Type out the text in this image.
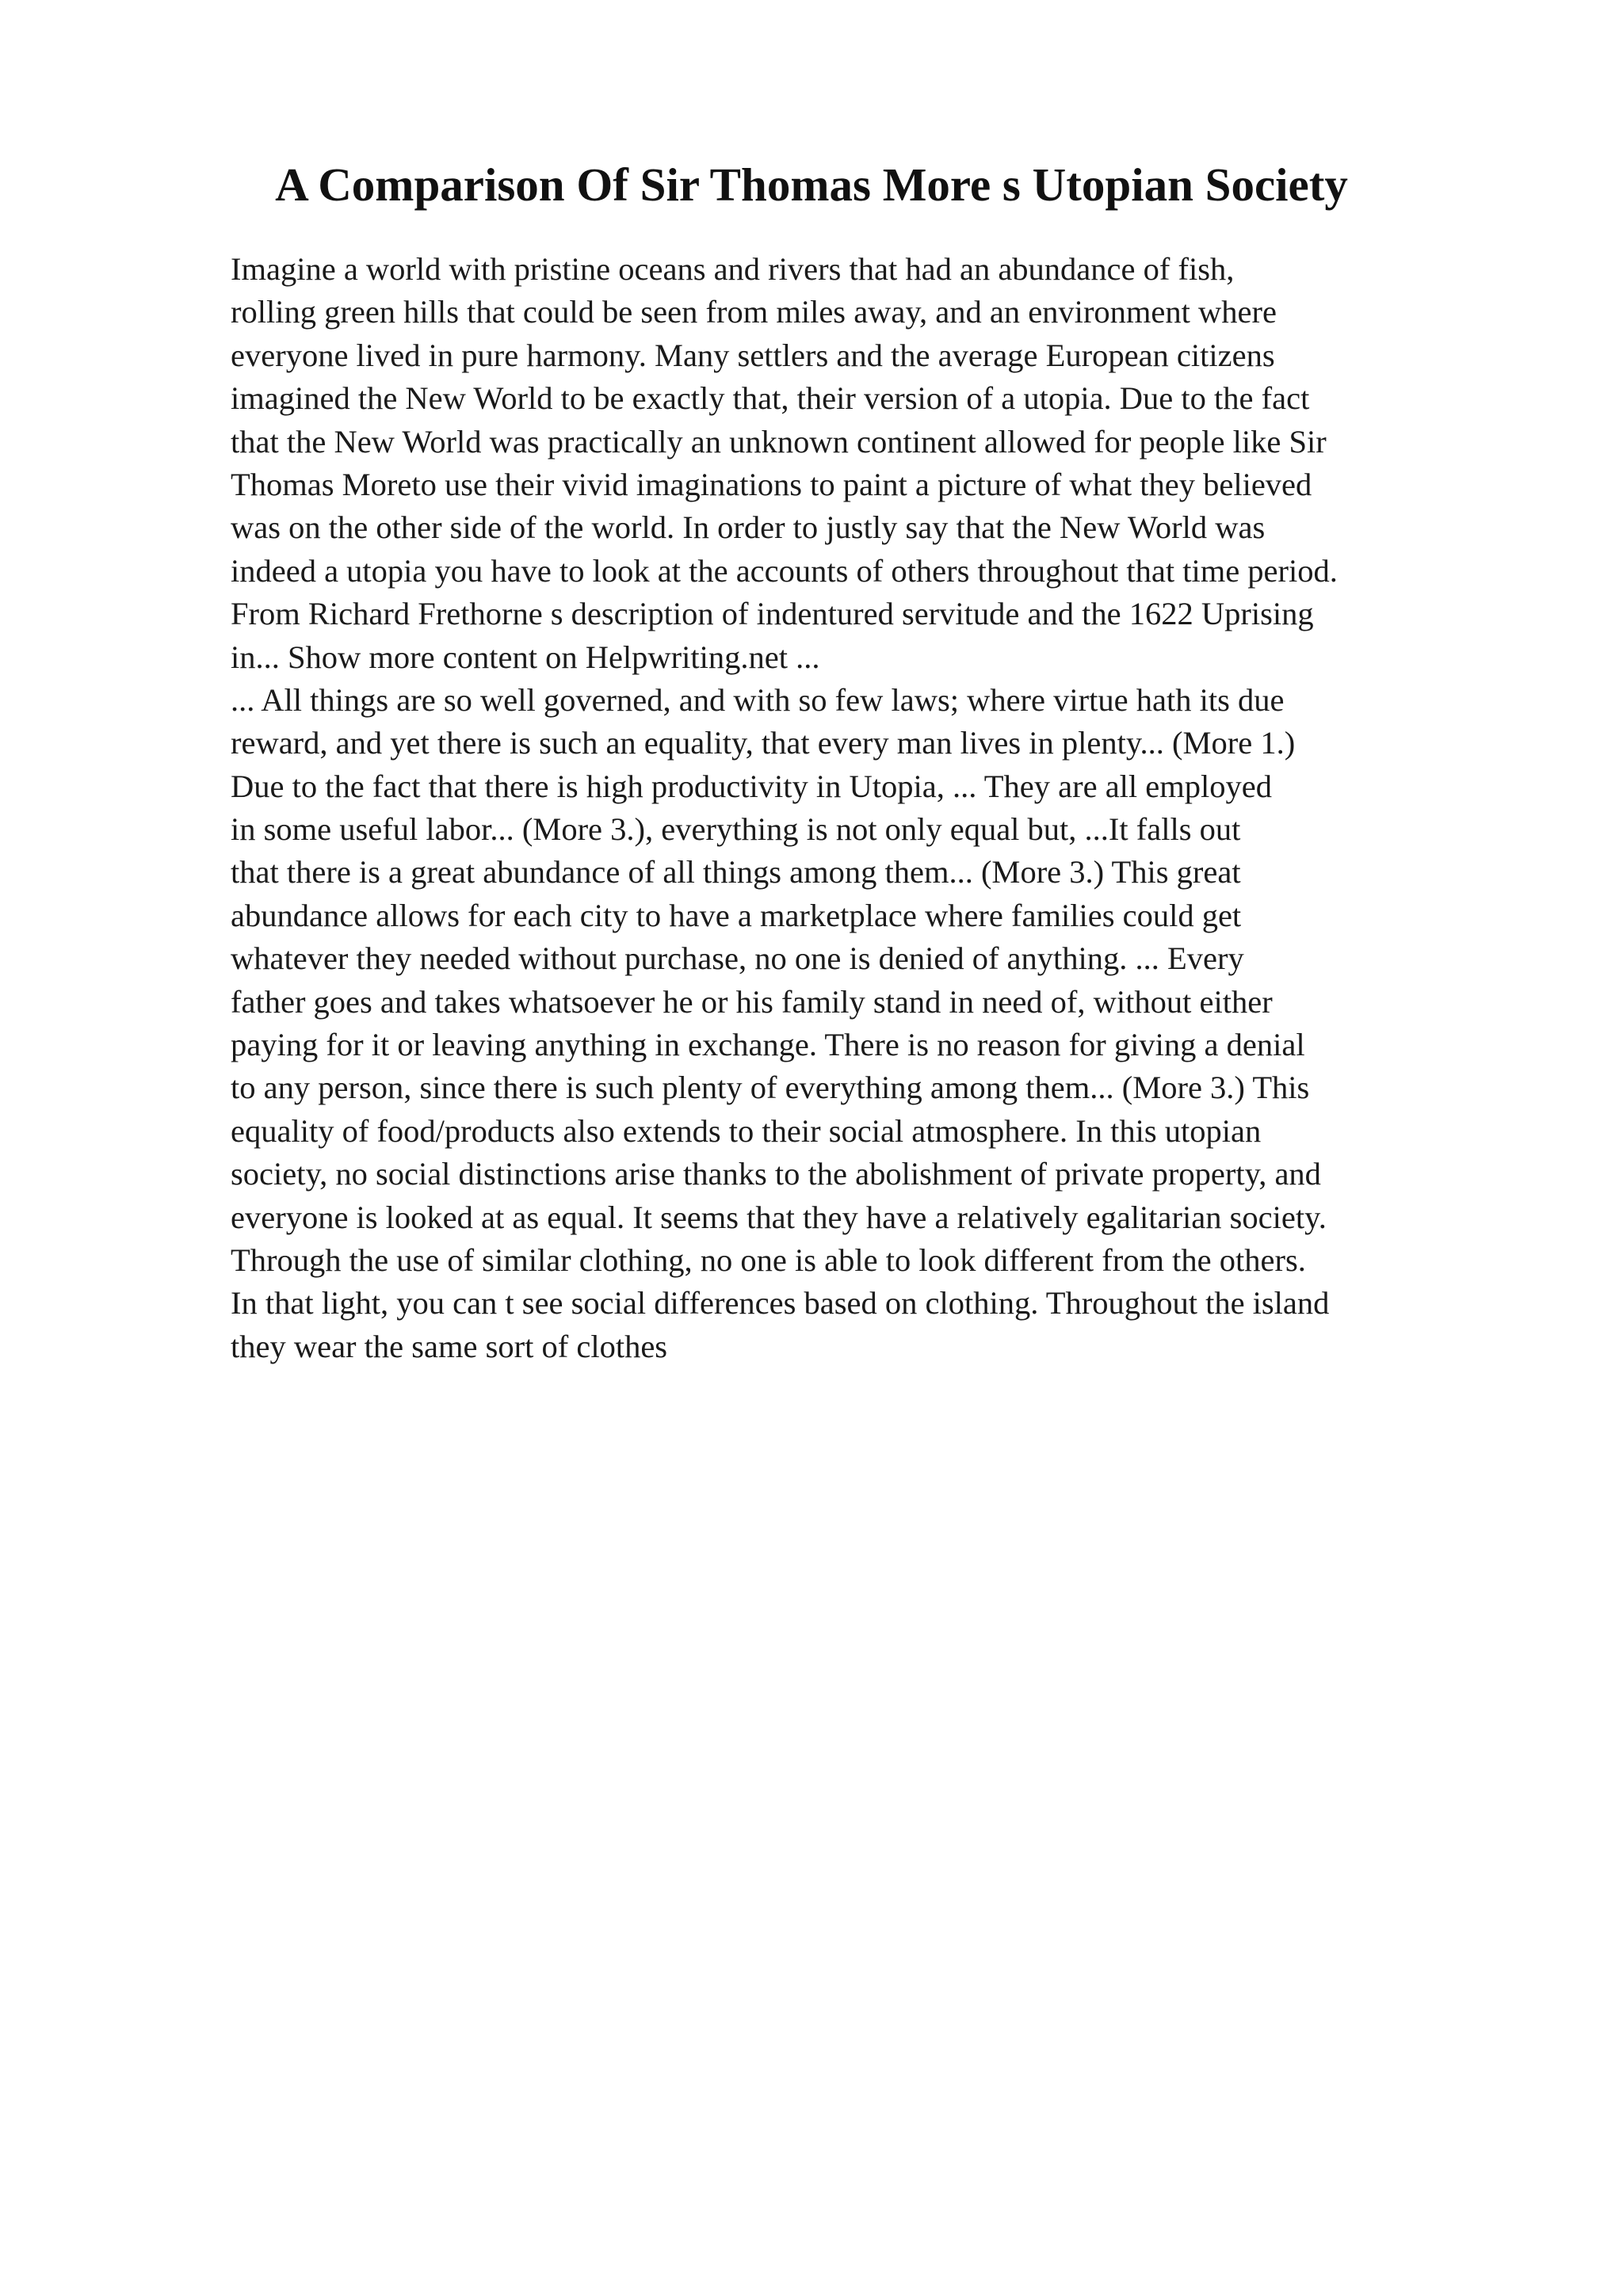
A Comparison Of Sir Thomas More s Utopian Society
Imagine a world with pristine oceans and rivers that had an abundance of fish,
rolling green hills that could be seen from miles away, and an environment where
everyone lived in pure harmony. Many settlers and the average European citizens
imagined the New World to be exactly that, their version of a utopia. Due to the fact
that the New World was practically an unknown continent allowed for people like Sir
Thomas Moreto use their vivid imaginations to paint a picture of what they believed
was on the other side of the world. In order to justly say that the New World was
indeed a utopia you have to look at the accounts of others throughout that time period.
From Richard Frethorne s description of indentured servitude and the 1622 Uprising
in... Show more content on Helpwriting.net ...
... All things are so well governed, and with so few laws; where virtue hath its due
reward, and yet there is such an equality, that every man lives in plenty... (More 1.)
Due to the fact that there is high productivity in Utopia, ... They are all employed
in some useful labor... (More 3.), everything is not only equal but, ...It falls out
that there is a great abundance of all things among them... (More 3.) This great
abundance allows for each city to have a marketplace where families could get
whatever they needed without purchase, no one is denied of anything. ... Every
father goes and takes whatsoever he or his family stand in need of, without either
paying for it or leaving anything in exchange. There is no reason for giving a denial
to any person, since there is such plenty of everything among them... (More 3.) This
equality of food/products also extends to their social atmosphere. In this utopian
society, no social distinctions arise thanks to the abolishment of private property, and
everyone is looked at as equal. It seems that they have a relatively egalitarian society.
Through the use of similar clothing, no one is able to look different from the others.
In that light, you can t see social differences based on clothing. Throughout the island
they wear the same sort of clothes
